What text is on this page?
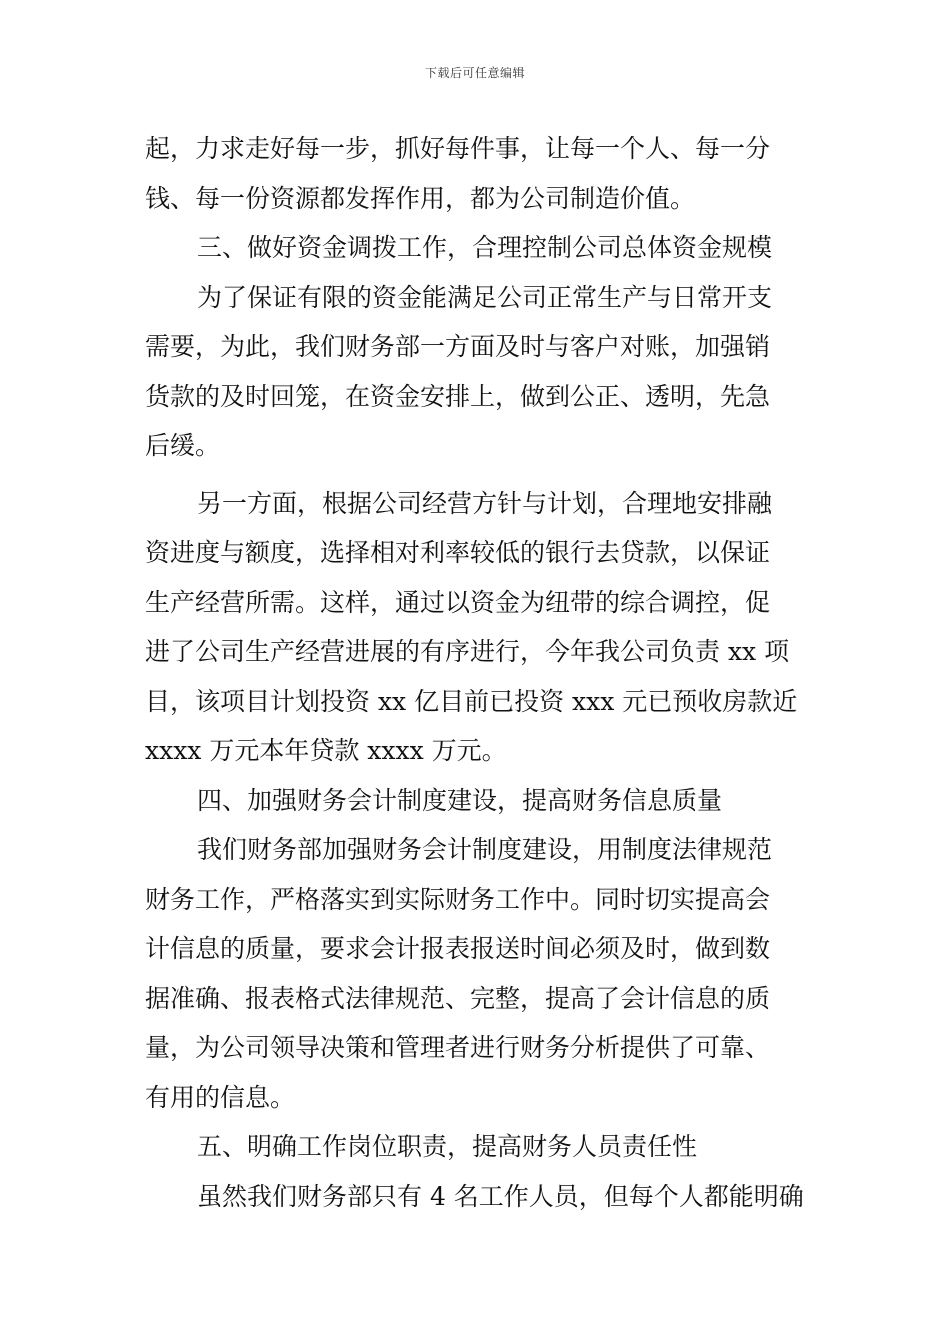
下载后可任意编辑
起，力求走好每一步，抓好每件事，让每一个人、每一分
钱、每一份资源都发挥作用，都为公司制造价值。
三、做好资金调拨工作，合理控制公司总体资金规模
为了保证有限的资金能满足公司正常生产与日常开支
需要，为此，我们财务部一方面及时与客户对账，加强销
货款的及时回笼，在资金安排上，做到公正、透明，先急
后缓。
另一方面，根据公司经营方针与计划，合理地安排融
资进度与额度，选择相对利率较低的银行去贷款，以保证
生产经营所需。这样，通过以资金为纽带的综合调控，促
进了公司生产经营进展的有序进行，今年我公司负责 xx 项
目，该项目计划投资 xx 亿目前已投资 xxx 元已预收房款近
xxxx 万元本年贷款 xxxx 万元。
四、加强财务会计制度建设，提高财务信息质量
我们财务部加强财务会计制度建设，用制度法律规范
财务工作，严格落实到实际财务工作中。同时切实提高会
计信息的质量，要求会计报表报送时间必须及时，做到数
据准确、报表格式法律规范、完整，提高了会计信息的质
量，为公司领导决策和管理者进行财务分析提供了可靠、
有用的信息。
五、明确工作岗位职责，提高财务人员责任性
虽然我们财务部只有 4 名工作人员，但每个人都能明确
